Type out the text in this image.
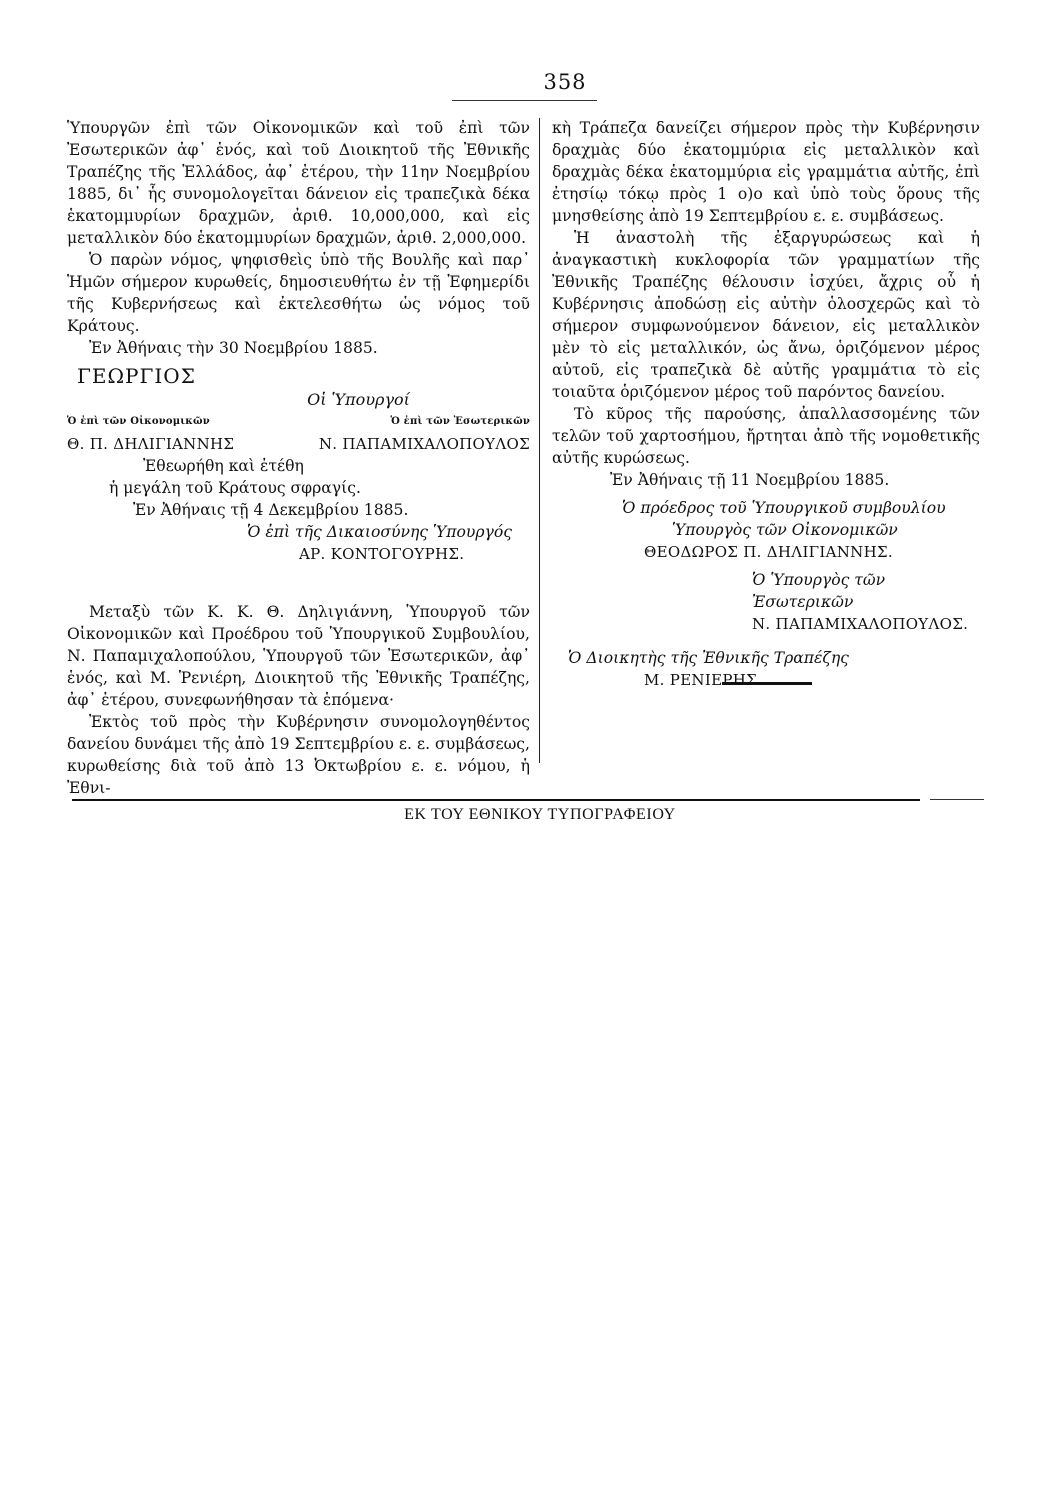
358

Ὑπουργῶν ἐπὶ τῶν Οἰκονομικῶν καὶ τοῦ ἐπὶ τῶν Ἐσωτερικῶν ἀφ᾽ ἑνός, καὶ τοῦ Διοικητοῦ τῆς Ἐθνικῆς Τραπέζης τῆς Ἑλλάδος, ἀφ᾽ ἑτέρου, τὴν 11ην Νοεμβρίου 1885, δι᾽ ἧς συνομολογεῖται δάνειον εἰς τραπεζικὰ δέκα ἑκατομμυρίων δραχμῶν, ἀριθ. 10,000,000, καὶ εἰς μεταλλικὸν δύο ἑκατομμυρίων δραχμῶν, ἀριθ. 2,000,000.

Ὁ παρὼν νόμος, ψηφισθεὶς ὑπὸ τῆς Βουλῆς καὶ παρ᾽ Ἡμῶν σήμερον κυρωθείς, δημοσιευθήτω ἐν τῇ Ἐφημερίδι τῆς Κυβερνήσεως καὶ ἐκτελεσθήτω ὡς νόμος τοῦ Κράτους.

Ἐν Ἀθήναις τὴν 30 Νοεμβρίου 1885.

ΓΕΩΡΓΙΟΣ

Οἱ Ὑπουργοί

Ὁ ἐπὶ τῶν Οἰκονομικῶν	Ὁ ἐπὶ τῶν Ἐσωτερικῶν
Θ. Π. ΔΗΛΙΓΙΑΝΝΗΣ	Ν. ΠΑΠΑΜΙΧΑΛΟΠΟΥΛΟΣ

Ἐθεωρήθη καὶ ἐτέθη

ἡ μεγάλη τοῦ Κράτους σφραγίς.

Ἐν Ἀθήναις τῇ 4 Δεκεμβρίου 1885.

Ὁ ἐπὶ τῆς Δικαιοσύνης Ὑπουργός

ΑΡ. ΚΟΝΤΟΓΟΥΡΗΣ.

Μεταξὺ τῶν Κ. Κ. Θ. Δηλιγιάννη, Ὑπουργοῦ τῶν Οἰκονομικῶν καὶ Προέδρου τοῦ Ὑπουργικοῦ Συμβουλίου, Ν. Παπαμιχαλοπούλου, Ὑπουργοῦ τῶν Ἐσωτερικῶν, ἀφ᾽ ἑνός, καὶ Μ. Ῥενιέρη, Διοικητοῦ τῆς Ἐθνικῆς Τραπέζης, ἀφ᾽ ἑτέρου, συνεφωνήθησαν τὰ ἑπόμενα·

Ἐκτὸς τοῦ πρὸς τὴν Κυβέρνησιν συνομολογηθέντος δανείου δυνάμει τῆς ἀπὸ 19 Σεπτεμβρίου ε. ε. συμβάσεως, κυρωθείσης διὰ τοῦ ἀπὸ 13 Ὀκτωβρίου ε. ε. νόμου, ἡ Ἐθνι-

κὴ Τράπεζα δανείζει σήμερον πρὸς τὴν Κυβέρνησιν δραχμὰς δύο ἑκατομμύρια εἰς μεταλλικὸν καὶ δραχμὰς δέκα ἑκατομμύρια εἰς γραμμάτια αὐτῆς, ἐπὶ ἐτησίῳ τόκῳ πρὸς 1 ο)ο καὶ ὑπὸ τοὺς ὅρους τῆς μνησθείσης ἀπὸ 19 Σεπτεμβρίου ε. ε. συμβάσεως.

Ἡ ἀναστολὴ τῆς ἐξαργυρώσεως καὶ ἡ ἀναγκαστικὴ κυκλοφορία τῶν γραμματίων τῆς Ἐθνικῆς Τραπέζης θέλουσιν ἰσχύει, ἄχρις οὗ ἡ Κυβέρνησις ἀποδώσῃ εἰς αὐτὴν ὁλοσχερῶς καὶ τὸ σήμερον συμφωνούμενον δάνειον, εἰς μεταλλικὸν μὲν τὸ εἰς μεταλλικόν, ὡς ἄνω, ὁριζόμενον μέρος αὐτοῦ, εἰς τραπεζικὰ δὲ αὐτῆς γραμμάτια τὸ εἰς τοιαῦτα ὁριζόμενον μέρος τοῦ παρόντος δανείου.

Τὸ κῦρος τῆς παρούσης, ἀπαλλασσομένης τῶν τελῶν τοῦ χαρτοσήμου, ἤρτηται ἀπὸ τῆς νομοθετικῆς αὐτῆς κυρώσεως.

Ἐν Ἀθήναις τῇ 11 Νοεμβρίου 1885.

Ὁ πρόεδρος τοῦ Ὑπουργικοῦ συμβουλίου

Ὑπουργὸς τῶν Οἰκονομικῶν

ΘΕΟΔΩΡΟΣ Π. ΔΗΛΙΓΙΑΝΝΗΣ.

Ὁ Ὑπουργὸς τῶν Ἐσωτερικῶν

Ν. ΠΑΠΑΜΙΧΑΛΟΠΟΥΛΟΣ.

Ὁ Διοικητὴς τῆς Ἐθνικῆς Τραπέζης

Μ. ΡΕΝΙΕΡΗΣ.

ΕΚ ΤΟΥ ΕΘΝΙΚΟΥ ΤΥΠΟΓΡΑΦΕΙΟΥ
